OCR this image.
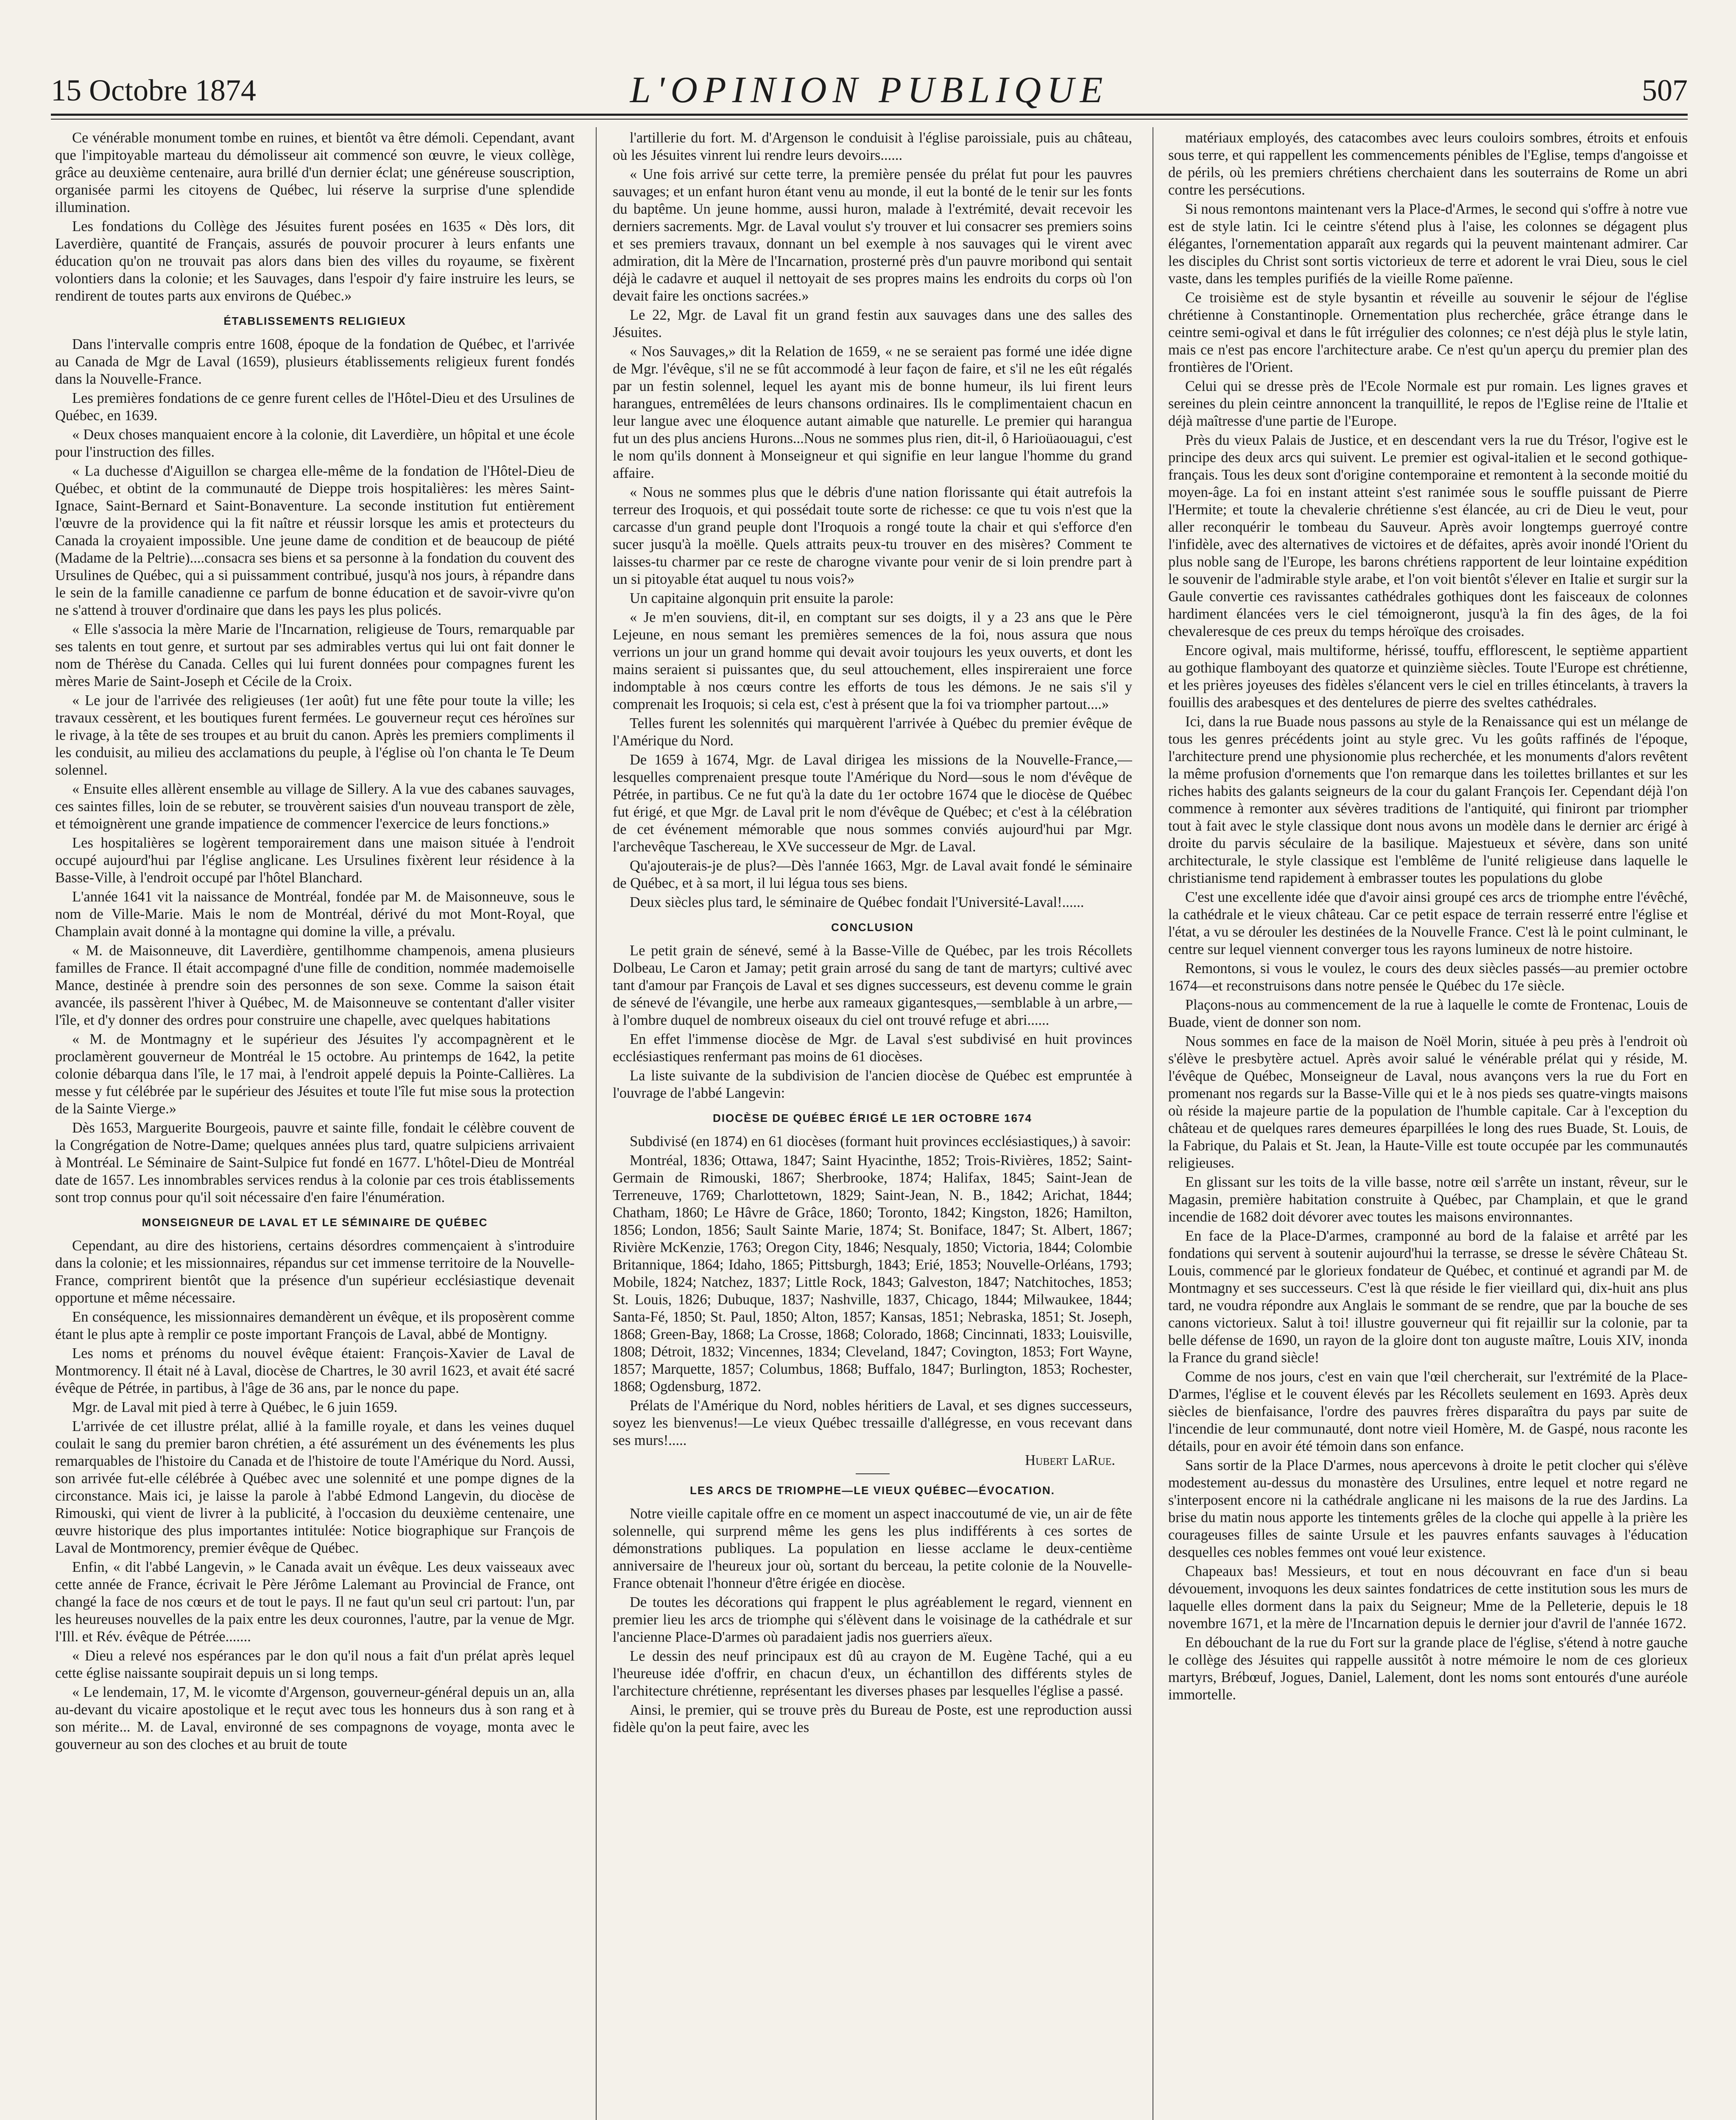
15 Octobre 1874	L'OPINION PUBLIQUE	507

Ce vénérable monument tombe en ruines, et bientôt va être démoli. Cependant, avant que l'impitoyable marteau du démolisseur ait commencé son œuvre, le vieux collège, grâce au deuxième centenaire, aura brillé d'un dernier éclat; une généreuse souscription, organisée parmi les citoyens de Québec, lui réserve la surprise d'une splendide illumination.

Les fondations du Collège des Jésuites furent posées en 1635 « Dès lors, dit Laverdière, quantité de Français, assurés de pouvoir procurer à leurs enfants une éducation qu'on ne trouvait pas alors dans bien des villes du royaume, se fixèrent volontiers dans la colonie; et les Sauvages, dans l'espoir d'y faire instruire les leurs, se rendirent de toutes parts aux environs de Québec.»

ÉTABLISSEMENTS RELIGIEUX

Dans l'intervalle compris entre 1608, époque de la fondation de Québec, et l'arrivée au Canada de Mgr de Laval (1659), plusieurs établissements religieux furent fondés dans la Nouvelle-France.

Les premières fondations de ce genre furent celles de l'Hôtel-Dieu et des Ursulines de Québec, en 1639.

« Deux choses manquaient encore à la colonie, dit Laverdière, un hôpital et une école pour l'instruction des filles.

« La duchesse d'Aiguillon se chargea elle-même de la fondation de l'Hôtel-Dieu de Québec, et obtint de la communauté de Dieppe trois hospitalières: les mères Saint-Ignace, Saint-Bernard et Saint-Bonaventure. La seconde institution fut entièrement l'œuvre de la providence qui la fit naître et réussir lorsque les amis et protecteurs du Canada la croyaient impossible. Une jeune dame de condition et de beaucoup de piété (Madame de la Peltrie)....consacra ses biens et sa personne à la fondation du couvent des Ursulines de Québec, qui a si puissamment contribué, jusqu'à nos jours, à répandre dans le sein de la famille canadienne ce parfum de bonne éducation et de savoir-vivre qu'on ne s'attend à trouver d'ordinaire que dans les pays les plus policés.

« Elle s'associa la mère Marie de l'Incarnation, religieuse de Tours, remarquable par ses talents en tout genre, et surtout par ses admirables vertus qui lui ont fait donner le nom de Thérèse du Canada. Celles qui lui furent données pour compagnes furent les mères Marie de Saint-Joseph et Cécile de la Croix.

« Le jour de l'arrivée des religieuses (1er août) fut une fête pour toute la ville; les travaux cessèrent, et les boutiques furent fermées. Le gouverneur reçut ces héroïnes sur le rivage, à la tête de ses troupes et au bruit du canon. Après les premiers compliments il les conduisit, au milieu des acclamations du peuple, à l'église où l'on chanta le Te Deum solennel.

« Ensuite elles allèrent ensemble au village de Sillery. A la vue des cabanes sauvages, ces saintes filles, loin de se rebuter, se trouvèrent saisies d'un nouveau transport de zèle, et témoignèrent une grande impatience de commencer l'exercice de leurs fonctions.»

Les hospitalières se logèrent temporairement dans une maison située à l'endroit occupé aujourd'hui par l'église anglicane. Les Ursulines fixèrent leur résidence à la Basse-Ville, à l'endroit occupé par l'hôtel Blanchard.

L'année 1641 vit la naissance de Montréal, fondée par M. de Maisonneuve, sous le nom de Ville-Marie. Mais le nom de Montréal, dérivé du mot Mont-Royal, que Champlain avait donné à la montagne qui domine la ville, a prévalu.

« M. de Maisonneuve, dit Laverdière, gentilhomme champenois, amena plusieurs familles de France. Il était accompagné d'une fille de condition, nommée mademoiselle Mance, destinée à prendre soin des personnes de son sexe. Comme la saison était avancée, ils passèrent l'hiver à Québec, M. de Maisonneuve se contentant d'aller visiter l'île, et d'y donner des ordres pour construire une chapelle, avec quelques habitations

« M. de Montmagny et le supérieur des Jésuites l'y accompagnèrent et le proclamèrent gouverneur de Montréal le 15 octobre. Au printemps de 1642, la petite colonie débarqua dans l'île, le 17 mai, à l'endroit appelé depuis la Pointe-Callières. La messe y fut célébrée par le supérieur des Jésuites et toute l'île fut mise sous la protection de la Sainte Vierge.»

Dès 1653, Marguerite Bourgeois, pauvre et sainte fille, fondait le célèbre couvent de la Congrégation de Notre-Dame; quelques années plus tard, quatre sulpiciens arrivaient à Montréal. Le Séminaire de Saint-Sulpice fut fondé en 1677. L'hôtel-Dieu de Montréal date de 1657. Les innombrables services rendus à la colonie par ces trois établissements sont trop connus pour qu'il soit nécessaire d'en faire l'énumération.

MONSEIGNEUR DE LAVAL ET LE SÉMINAIRE DE QUÉBEC

Cependant, au dire des historiens, certains désordres commençaient à s'introduire dans la colonie; et les missionnaires, répandus sur cet immense territoire de la Nouvelle-France, comprirent bientôt que la présence d'un supérieur ecclésiastique devenait opportune et même nécessaire.

En conséquence, les missionnaires demandèrent un évêque, et ils proposèrent comme étant le plus apte à remplir ce poste important François de Laval, abbé de Montigny.

Les noms et prénoms du nouvel évêque étaient: François-Xavier de Laval de Montmorency. Il était né à Laval, diocèse de Chartres, le 30 avril 1623, et avait été sacré évêque de Pétrée, in partibus, à l'âge de 36 ans, par le nonce du pape.

Mgr. de Laval mit pied à terre à Québec, le 6 juin 1659.

L'arrivée de cet illustre prélat, allié à la famille royale, et dans les veines duquel coulait le sang du premier baron chrétien, a été assurément un des événements les plus remarquables de l'histoire du Canada et de l'histoire de toute l'Amérique du Nord. Aussi, son arrivée fut-elle célébrée à Québec avec une solennité et une pompe dignes de la circonstance. Mais ici, je laisse la parole à l'abbé Edmond Langevin, du diocèse de Rimouski, qui vient de livrer à la publicité, à l'occasion du deuxième centenaire, une œuvre historique des plus importantes intitulée: Notice biographique sur François de Laval de Montmorency, premier évêque de Québec.

Enfin, « dit l'abbé Langevin, » le Canada avait un évêque. Les deux vaisseaux avec cette année de France, écrivait le Père Jérôme Lalemant au Provincial de France, ont changé la face de nos cœurs et de tout le pays. Il ne faut qu'un seul cri partout: l'un, par les heureuses nouvelles de la paix entre les deux couronnes, l'autre, par la venue de Mgr. l'Ill. et Rév. évêque de Pétrée.......

« Dieu a relevé nos espérances par le don qu'il nous a fait d'un prélat après lequel cette église naissante soupirait depuis un si long temps.

« Le lendemain, 17, M. le vicomte d'Argenson, gouverneur-général depuis un an, alla au-devant du vicaire apostolique et le reçut avec tous les honneurs dus à son rang et à son mérite... M. de Laval, environné de ses compagnons de voyage, monta avec le gouverneur au son des cloches et au bruit de toute

l'artillerie du fort. M. d'Argenson le conduisit à l'église paroissiale, puis au château, où les Jésuites vinrent lui rendre leurs devoirs......

« Une fois arrivé sur cette terre, la première pensée du prélat fut pour les pauvres sauvages; et un enfant huron étant venu au monde, il eut la bonté de le tenir sur les fonts du baptême. Un jeune homme, aussi huron, malade à l'extrémité, devait recevoir les derniers sacrements. Mgr. de Laval voulut s'y trouver et lui consacrer ses premiers soins et ses premiers travaux, donnant un bel exemple à nos sauvages qui le virent avec admiration, dit la Mère de l'Incarnation, prosterné près d'un pauvre moribond qui sentait déjà le cadavre et auquel il nettoyait de ses propres mains les endroits du corps où l'on devait faire les onctions sacrées.»

Le 22, Mgr. de Laval fit un grand festin aux sauvages dans une des salles des Jésuites.

« Nos Sauvages,» dit la Relation de 1659, « ne se seraient pas formé une idée digne de Mgr. l'évêque, s'il ne se fût accommodé à leur façon de faire, et s'il ne les eût régalés par un festin solennel, lequel les ayant mis de bonne humeur, ils lui firent leurs harangues, entremêlées de leurs chansons ordinaires. Ils le complimentaient chacun en leur langue avec une éloquence autant aimable que naturelle. Le premier qui harangua fut un des plus anciens Hurons...Nous ne sommes plus rien, dit-il, ô Harioüaouagui, c'est le nom qu'ils donnent à Monseigneur et qui signifie en leur langue l'homme du grand affaire.

« Nous ne sommes plus que le débris d'une nation florissante qui était autrefois la terreur des Iroquois, et qui possédait toute sorte de richesse: ce que tu vois n'est que la carcasse d'un grand peuple dont l'Iroquois a rongé toute la chair et qui s'efforce d'en sucer jusqu'à la moëlle. Quels attraits peux-tu trouver en des misères? Comment te laisses-tu charmer par ce reste de charogne vivante pour venir de si loin prendre part à un si pitoyable état auquel tu nous vois?»

Un capitaine algonquin prit ensuite la parole:

« Je m'en souviens, dit-il, en comptant sur ses doigts, il y a 23 ans que le Père Lejeune, en nous semant les premières semences de la foi, nous assura que nous verrions un jour un grand homme qui devait avoir toujours les yeux ouverts, et dont les mains seraient si puissantes que, du seul attouchement, elles inspireraient une force indomptable à nos cœurs contre les efforts de tous les démons. Je ne sais s'il y comprenait les Iroquois; si cela est, c'est à présent que la foi va triompher partout....»

Telles furent les solennités qui marquèrent l'arrivée à Québec du premier évêque de l'Amérique du Nord.

De 1659 à 1674, Mgr. de Laval dirigea les missions de la Nouvelle-France,—lesquelles comprenaient presque toute l'Amérique du Nord—sous le nom d'évêque de Pétrée, in partibus. Ce ne fut qu'à la date du 1er octobre 1674 que le diocèse de Québec fut érigé, et que Mgr. de Laval prit le nom d'évêque de Québec; et c'est à la célébration de cet événement mémorable que nous sommes conviés aujourd'hui par Mgr. l'archevêque Taschereau, le XVe successeur de Mgr. de Laval.

Qu'ajouterais-je de plus?—Dès l'année 1663, Mgr. de Laval avait fondé le séminaire de Québec, et à sa mort, il lui légua tous ses biens.

Deux siècles plus tard, le séminaire de Québec fondait l'Université-Laval!......

CONCLUSION

Le petit grain de sénevé, semé à la Basse-Ville de Québec, par les trois Récollets Dolbeau, Le Caron et Jamay; petit grain arrosé du sang de tant de martyrs; cultivé avec tant d'amour par François de Laval et ses dignes successeurs, est devenu comme le grain de sénevé de l'évangile, une herbe aux rameaux gigantesques,—semblable à un arbre,—à l'ombre duquel de nombreux oiseaux du ciel ont trouvé refuge et abri......

En effet l'immense diocèse de Mgr. de Laval s'est subdivisé en huit provinces ecclésiastiques renfermant pas moins de 61 diocèses.

La liste suivante de la subdivision de l'ancien diocèse de Québec est empruntée à l'ouvrage de l'abbé Langevin:

DIOCÈSE DE QUÉBEC ÉRIGÉ LE 1ER OCTOBRE 1674

Subdivisé (en 1874) en 61 diocèses (formant huit provinces ecclésiastiques,) à savoir:

Montréal, 1836; Ottawa, 1847; Saint Hyacinthe, 1852; Trois-Rivières, 1852; Saint-Germain de Rimouski, 1867; Sherbrooke, 1874; Halifax, 1845; Saint-Jean de Terreneuve, 1769; Charlottetown, 1829; Saint-Jean, N. B., 1842; Arichat, 1844; Chatham, 1860; Le Hâvre de Grâce, 1860; Toronto, 1842; Kingston, 1826; Hamilton, 1856; London, 1856; Sault Sainte Marie, 1874; St. Boniface, 1847; St. Albert, 1867; Rivière McKenzie, 1763; Oregon City, 1846; Nesqualy, 1850; Victoria, 1844; Colombie Britannique, 1864; Idaho, 1865; Pittsburgh, 1843; Erié, 1853; Nouvelle-Orléans, 1793; Mobile, 1824; Natchez, 1837; Little Rock, 1843; Galveston, 1847; Natchitoches, 1853; St. Louis, 1826; Dubuque, 1837; Nashville, 1837, Chicago, 1844; Milwaukee, 1844; Santa-Fé, 1850; St. Paul, 1850; Alton, 1857; Kansas, 1851; Nebraska, 1851; St. Joseph, 1868; Green-Bay, 1868; La Crosse, 1868; Colorado, 1868; Cincinnati, 1833; Louisville, 1808; Détroit, 1832; Vincennes, 1834; Cleveland, 1847; Covington, 1853; Fort Wayne, 1857; Marquette, 1857; Columbus, 1868; Buffalo, 1847; Burlington, 1853; Rochester, 1868; Ogdensburg, 1872.

Prélats de l'Amérique du Nord, nobles héritiers de Laval, et ses dignes successeurs, soyez les bienvenus!—Le vieux Québec tressaille d'allégresse, en vous recevant dans ses murs!.....

Hubert LaRue.

LES ARCS DE TRIOMPHE—LE VIEUX QUÉBEC—ÉVOCATION.

Notre vieille capitale offre en ce moment un aspect inaccoutumé de vie, un air de fête solennelle, qui surprend même les gens les plus indifférents à ces sortes de démonstrations publiques. La population en liesse acclame le deux-centième anniversaire de l'heureux jour où, sortant du berceau, la petite colonie de la Nouvelle-France obtenait l'honneur d'être érigée en diocèse.

De toutes les décorations qui frappent le plus agréablement le regard, viennent en premier lieu les arcs de triomphe qui s'élèvent dans le voisinage de la cathédrale et sur l'ancienne Place-D'armes où paradaient jadis nos guerriers aïeux.

Le dessin des neuf principaux est dû au crayon de M. Eugène Taché, qui a eu l'heureuse idée d'offrir, en chacun d'eux, un échantillon des différents styles de l'architecture chrétienne, représentant les diverses phases par lesquelles l'église a passé.

Ainsi, le premier, qui se trouve près du Bureau de Poste, est une reproduction aussi fidèle qu'on la peut faire, avec les

matériaux employés, des catacombes avec leurs couloirs sombres, étroits et enfouis sous terre, et qui rappellent les commencements pénibles de l'Eglise, temps d'angoisse et de périls, où les premiers chrétiens cherchaient dans les souterrains de Rome un abri contre les persécutions.

Si nous remontons maintenant vers la Place-d'Armes, le second qui s'offre à notre vue est de style latin. Ici le ceintre s'étend plus à l'aise, les colonnes se dégagent plus élégantes, l'ornementation apparaît aux regards qui la peuvent maintenant admirer. Car les disciples du Christ sont sortis victorieux de terre et adorent le vrai Dieu, sous le ciel vaste, dans les temples purifiés de la vieille Rome païenne.

Ce troisième est de style bysantin et réveille au souvenir le séjour de l'église chrétienne à Constantinople. Ornementation plus recherchée, grâce étrange dans le ceintre semi-ogival et dans le fût irrégulier des colonnes; ce n'est déjà plus le style latin, mais ce n'est pas encore l'architecture arabe. Ce n'est qu'un aperçu du premier plan des frontières de l'Orient.

Celui qui se dresse près de l'Ecole Normale est pur romain. Les lignes graves et sereines du plein ceintre annoncent la tranquillité, le repos de l'Eglise reine de l'Italie et déjà maîtresse d'une partie de l'Europe.

Près du vieux Palais de Justice, et en descendant vers la rue du Trésor, l'ogive est le principe des deux arcs qui suivent. Le premier est ogival-italien et le second gothique-français. Tous les deux sont d'origine contemporaine et remontent à la seconde moitié du moyen-âge. La foi en instant atteint s'est ranimée sous le souffle puissant de Pierre l'Hermite; et toute la chevalerie chrétienne s'est élancée, au cri de Dieu le veut, pour aller reconquérir le tombeau du Sauveur. Après avoir longtemps guerroyé contre l'infidèle, avec des alternatives de victoires et de défaites, après avoir inondé l'Orient du plus noble sang de l'Europe, les barons chrétiens rapportent de leur lointaine expédition le souvenir de l'admirable style arabe, et l'on voit bientôt s'élever en Italie et surgir sur la Gaule convertie ces ravissantes cathédrales gothiques dont les faisceaux de colonnes hardiment élancées vers le ciel témoigneront, jusqu'à la fin des âges, de la foi chevaleresque de ces preux du temps héroïque des croisades.

Encore ogival, mais multiforme, hérissé, touffu, efflorescent, le septième appartient au gothique flamboyant des quatorze et quinzième siècles. Toute l'Europe est chrétienne, et les prières joyeuses des fidèles s'élancent vers le ciel en trilles étincelants, à travers la fouillis des arabesques et des dentelures de pierre des sveltes cathédrales.

Ici, dans la rue Buade nous passons au style de la Renaissance qui est un mélange de tous les genres précédents joint au style grec. Vu les goûts raffinés de l'époque, l'architecture prend une physionomie plus recherchée, et les monuments d'alors revêtent la même profusion d'ornements que l'on remarque dans les toilettes brillantes et sur les riches habits des galants seigneurs de la cour du galant François Ier. Cependant déjà l'on commence à remonter aux sévères traditions de l'antiquité, qui finiront par triompher tout à fait avec le style classique dont nous avons un modèle dans le dernier arc érigé à droite du parvis séculaire de la basilique. Majestueux et sévère, dans son unité architecturale, le style classique est l'emblême de l'unité religieuse dans laquelle le christianisme tend rapidement à embrasser toutes les populations du globe

C'est une excellente idée que d'avoir ainsi groupé ces arcs de triomphe entre l'évêché, la cathédrale et le vieux château. Car ce petit espace de terrain resserré entre l'église et l'état, a vu se dérouler les destinées de la Nouvelle France. C'est là le point culminant, le centre sur lequel viennent converger tous les rayons lumineux de notre histoire.

Remontons, si vous le voulez, le cours des deux siècles passés—au premier octobre 1674—et reconstruisons dans notre pensée le Québec du 17e siècle.

Plaçons-nous au commencement de la rue à laquelle le comte de Frontenac, Louis de Buade, vient de donner son nom.

Nous sommes en face de la maison de Noël Morin, située à peu près à l'endroit où s'élève le presbytère actuel. Après avoir salué le vénérable prélat qui y réside, M. l'évêque de Québec, Monseigneur de Laval, nous avançons vers la rue du Fort en promenant nos regards sur la Basse-Ville qui et le à nos pieds ses quatre-vingts maisons où réside la majeure partie de la population de l'humble capitale. Car à l'exception du château et de quelques rares demeures éparpillées le long des rues Buade, St. Louis, de la Fabrique, du Palais et St. Jean, la Haute-Ville est toute occupée par les communautés religieuses.

En glissant sur les toits de la ville basse, notre œil s'arrête un instant, rêveur, sur le Magasin, première habitation construite à Québec, par Champlain, et que le grand incendie de 1682 doit dévorer avec toutes les maisons environnantes.

En face de la Place-D'armes, cramponné au bord de la falaise et arrêté par les fondations qui servent à soutenir aujourd'hui la terrasse, se dresse le sévère Château St. Louis, commencé par le glorieux fondateur de Québec, et continué et agrandi par M. de Montmagny et ses successeurs. C'est là que réside le fier vieillard qui, dix-huit ans plus tard, ne voudra répondre aux Anglais le sommant de se rendre, que par la bouche de ses canons victorieux. Salut à toi! illustre gouverneur qui fit rejaillir sur la colonie, par ta belle défense de 1690, un rayon de la gloire dont ton auguste maître, Louis XIV, inonda la France du grand siècle!

Comme de nos jours, c'est en vain que l'œil chercherait, sur l'extrémité de la Place-D'armes, l'église et le couvent élevés par les Récollets seulement en 1693. Après deux siècles de bienfaisance, l'ordre des pauvres frères disparaîtra du pays par suite de l'incendie de leur communauté, dont notre vieil Homère, M. de Gaspé, nous raconte les détails, pour en avoir été témoin dans son enfance.

Sans sortir de la Place D'armes, nous apercevons à droite le petit clocher qui s'élève modestement au-dessus du monastère des Ursulines, entre lequel et notre regard ne s'interposent encore ni la cathédrale anglicane ni les maisons de la rue des Jardins. La brise du matin nous apporte les tintements grêles de la cloche qui appelle à la prière les courageuses filles de sainte Ursule et les pauvres enfants sauvages à l'éducation desquelles ces nobles femmes ont voué leur existence.

Chapeaux bas! Messieurs, et tout en nous découvrant en face d'un si beau dévouement, invoquons les deux saintes fondatrices de cette institution sous les murs de laquelle elles dorment dans la paix du Seigneur; Mme de la Pelleterie, depuis le 18 novembre 1671, et la mère de l'Incarnation depuis le dernier jour d'avril de l'année 1672.

En débouchant de la rue du Fort sur la grande place de l'église, s'étend à notre gauche le collège des Jésuites qui rappelle aussitôt à notre mémoire le nom de ces glorieux martyrs, Brébœuf, Jogues, Daniel, Lalement, dont les noms sont entourés d'une auréole immortelle.
